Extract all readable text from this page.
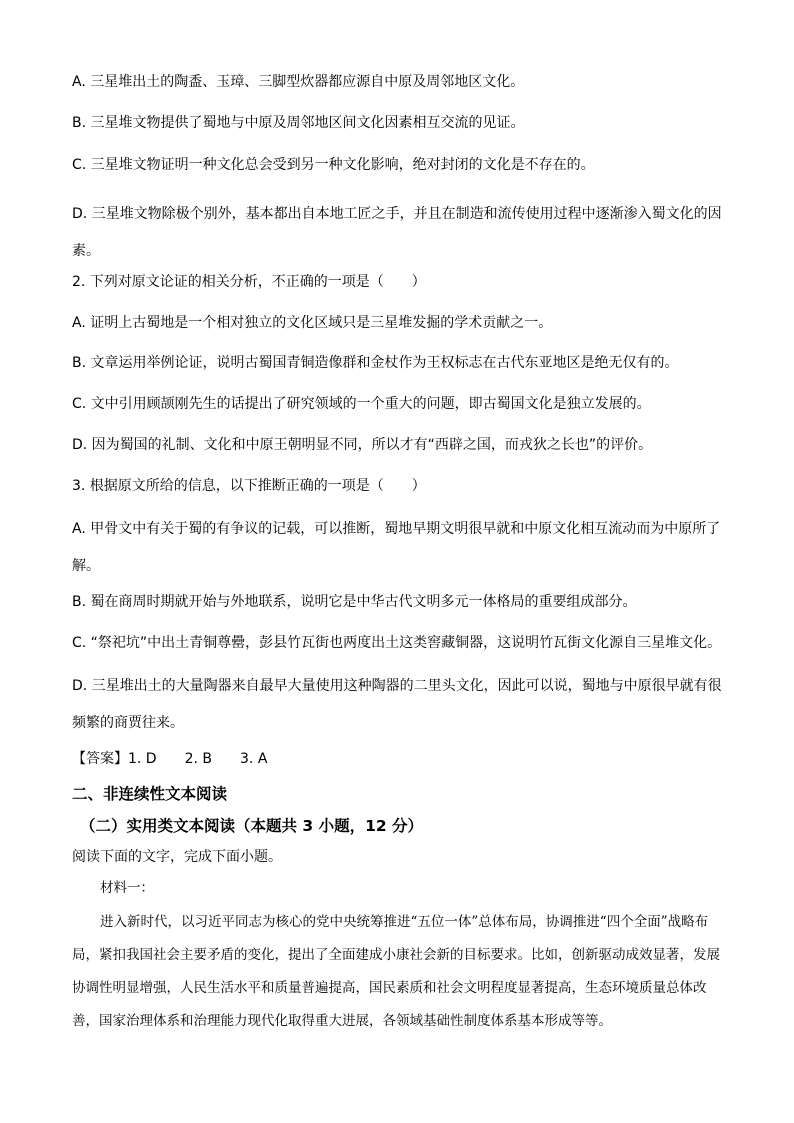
A. 三星堆出土的陶盉、玉璋、三脚型炊器都应源自中原及周邻地区文化。
B. 三星堆文物提供了蜀地与中原及周邻地区间文化因素相互交流的见证。
C. 三星堆文物证明一种文化总会受到另一种文化影响，绝对封闭的文化是不存在的。
D. 三星堆文物除极个别外，基本都出自本地工匠之手，并且在制造和流传使用过程中逐渐渗入蜀文化的因素。
2. 下列对原文论证的相关分析，不正确的一项是（　　）
A. 证明上古蜀地是一个相对独立的文化区域只是三星堆发掘的学术贡献之一。
B. 文章运用举例论证，说明古蜀国青铜造像群和金杖作为王权标志在古代东亚地区是绝无仅有的。
C. 文中引用顾颉刚先生的话提出了研究领域的一个重大的问题，即古蜀国文化是独立发展的。
D. 因为蜀国的礼制、文化和中原王朝明显不同，所以才有“西辟之国，而戎狄之长也”的评价。
3. 根据原文所给的信息，以下推断正确的一项是（　　）
A. 甲骨文中有关于蜀的有争议的记载，可以推断，蜀地早期文明很早就和中原文化相互流动而为中原所了解。
B. 蜀在商周时期就开始与外地联系，说明它是中华古代文明多元一体格局的重要组成部分。
C. “祭祀坑”中出土青铜尊罍，彭县竹瓦街也两度出土这类窖藏铜器，这说明竹瓦街文化源自三星堆文化。
D. 三星堆出土的大量陶器来自最早大量使用这种陶器的二里头文化，因此可以说，蜀地与中原很早就有很频繁的商贾往来。
【答案】1. D 2. B 3. A
二、非连续性文本阅读
（二）实用类文本阅读（本题共 3 小题，12 分）
阅读下面的文字，完成下面小题。
材料一：
进入新时代，以习近平同志为核心的党中央统筹推进“五位一体”总体布局，协调推进“四个全面”战略布局，紧扣我国社会主要矛盾的变化，提出了全面建成小康社会新的目标要求。比如，创新驱动成效显著，发展协调性明显增强，人民生活水平和质量普遍提高，国民素质和社会文明程度显著提高，生态环境质量总体改善，国家治理体系和治理能力现代化取得重大进展，各领域基础性制度体系基本形成等等。
